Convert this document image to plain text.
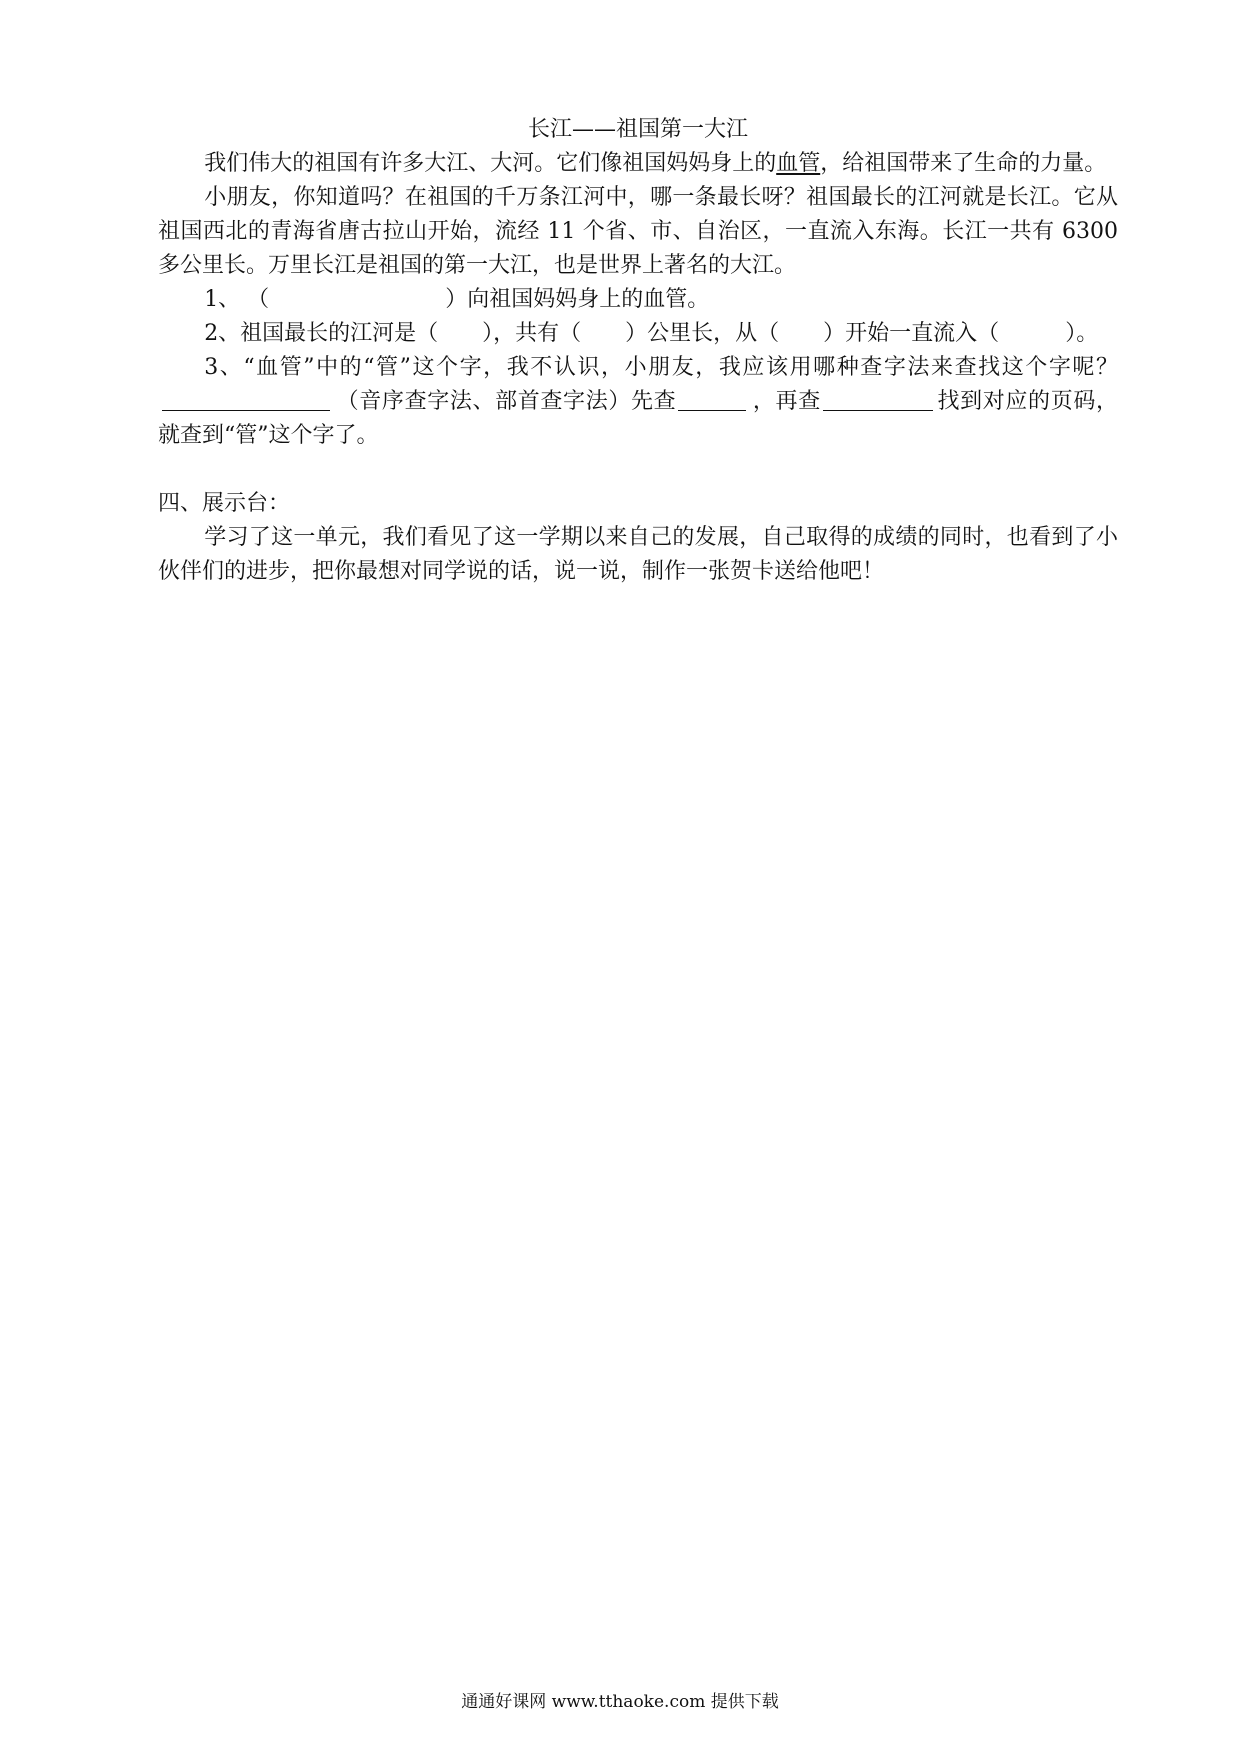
长江——祖国第一大江

我们伟大的祖国有许多大江、大河。它们像祖国妈妈身上的血管，给祖国带来了生命的力量。

小朋友，你知道吗？在祖国的千万条江河中，哪一条最长呀？祖国最长的江河就是长江。它从祖国西北的青海省唐古拉山开始，流经 11 个省、市、自治区，一直流入东海。长江一共有 6300 多公里长。万里长江是祖国的第一大江，也是世界上著名的大江。

1、 （	）向祖国妈妈身上的血管。
2、祖国最长的江河是（　　），共有（　　）公里长，从（　　）开始一直流入（　　　）。

3、“血管”中的“管”这个字，我不认识，小朋友，我应该用哪种查字法来查找这个字呢？（音序查字法、部首查字法）先查	，再查	找到对应的页码，就查到“管”这个字了。

四、展示台：

学习了这一单元，我们看见了这一学期以来自己的发展，自己取得的成绩的同时，也看到了小伙伴们的进步，把你最想对同学说的话，说一说，制作一张贺卡送给他吧！

通通好课网 www.tthaoke.com 提供下载
